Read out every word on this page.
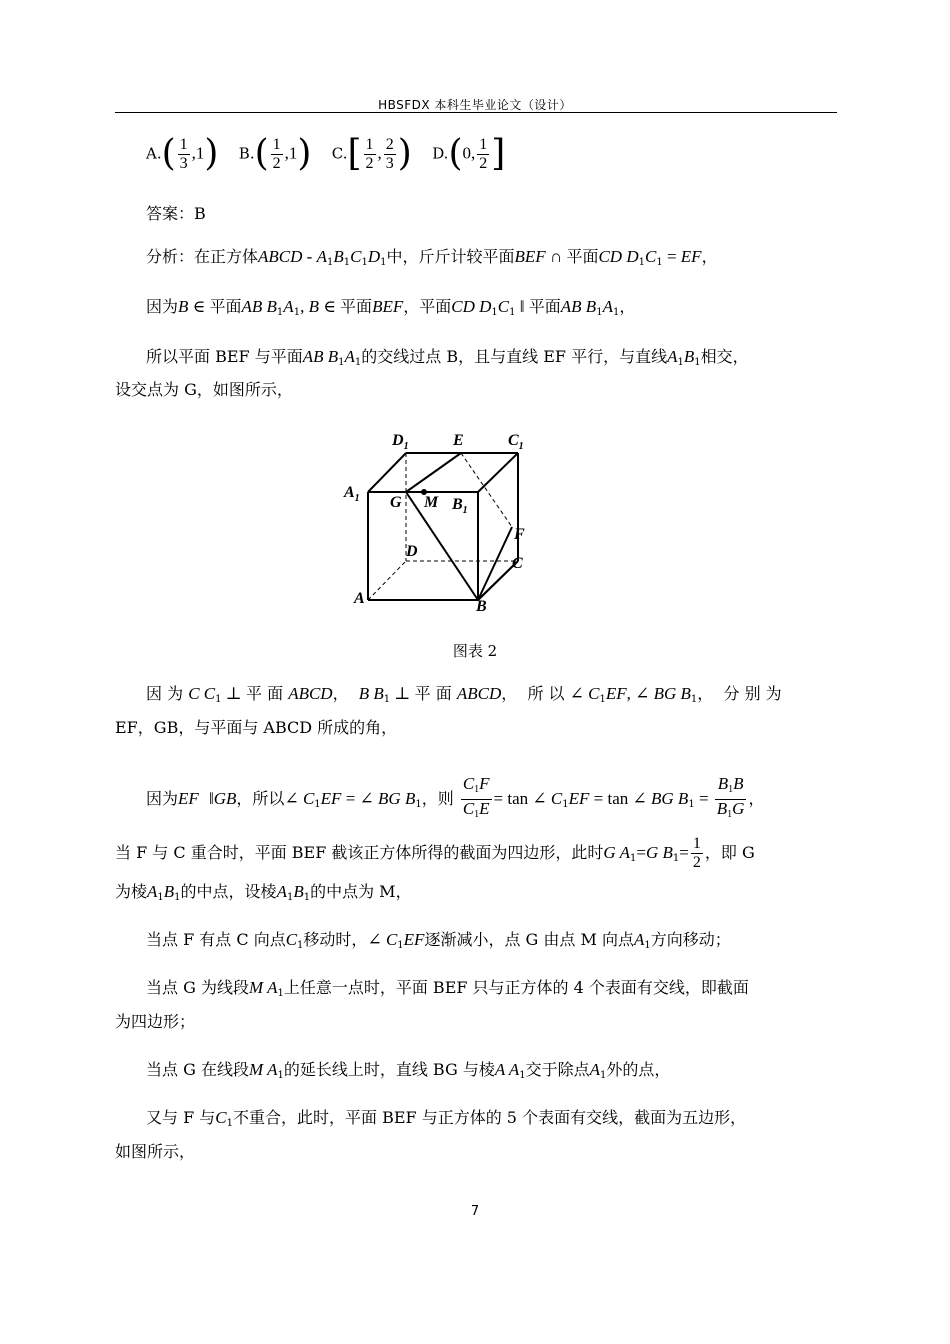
HBSFDX 本科生毕业论文（设计）
$A.( \frac{1}{3} ,1)$ $B.( \frac{1}{2} ,1)$ $C.[ \frac{1}{2}$ , $\frac{2}{3}$ ) D.(0, $\frac{1}{2}$ ]
答案：B
分析：在正方体ABCD - $A_1B_1C_1D_1$中，斤斤计较平面BEF ∩ 平面CD $D_1C_1$ = EF，
因为B ∈ 平面AB $B_1A_1$, B ∈ 平面BEF，平面CD $D_1C_1$ ‖ 平面AB $B_1A_1$，
所以平面 BEF 与平面AB $B_1A_1$的交线过点 B，且与直线 EF 平行，与直线$A_1B_1$相交，
设交点为 G，如图所示，
$D_1$	E	$C_1$
$A_1$ G M $B_1$
F
D
C
A	B
图表 2
因 为 C $C_1$ ⊥ 平 面 ABCD，  B $B_1$ ⊥ 平 面 ABCD，  所 以 ∠ $C_1EF$, ∠ BG $B_1$，  分 别 为
EF，GB，与平面与 ABCD 所成的角，
因为EF ‖GB，所以∠ $C_1EF$ = ∠ BG $B_1$，则 $\frac{C_1F}{C_1E} = \tan$ ∠ $C_1EF = \tan$ ∠ BG $B_1 = \frac{B_1B}{B_1G}$ ，
当 F 与 C 重合时，平面 BEF 截该正方体所得的截面为四边形，此时G $A_1=G$ $B_1= \frac{1}{2}$ ，即 G
为棱$A_1B_1$的中点，设棱$A_1B_1$的中点为 M，
当点 F 有点 C 向点$C_1$移动时，∠ $C_1EF$逐渐减小，点 G 由点 M 向点$A_1$方向移动；
当点 G 为线段M $A_1$上任意一点时，平面 BEF 只与正方体的 4 个表面有交线，即截面
为四边形；
当点 G 在线段M $A_1$的延长线上时，直线 BG 与棱A $A_1$交于除点$A_1$外的点，
又与 F 与$C_1$不重合，此时，平面 BEF 与正方体的 5 个表面有交线，截面为五边形，
如图所示，
7
